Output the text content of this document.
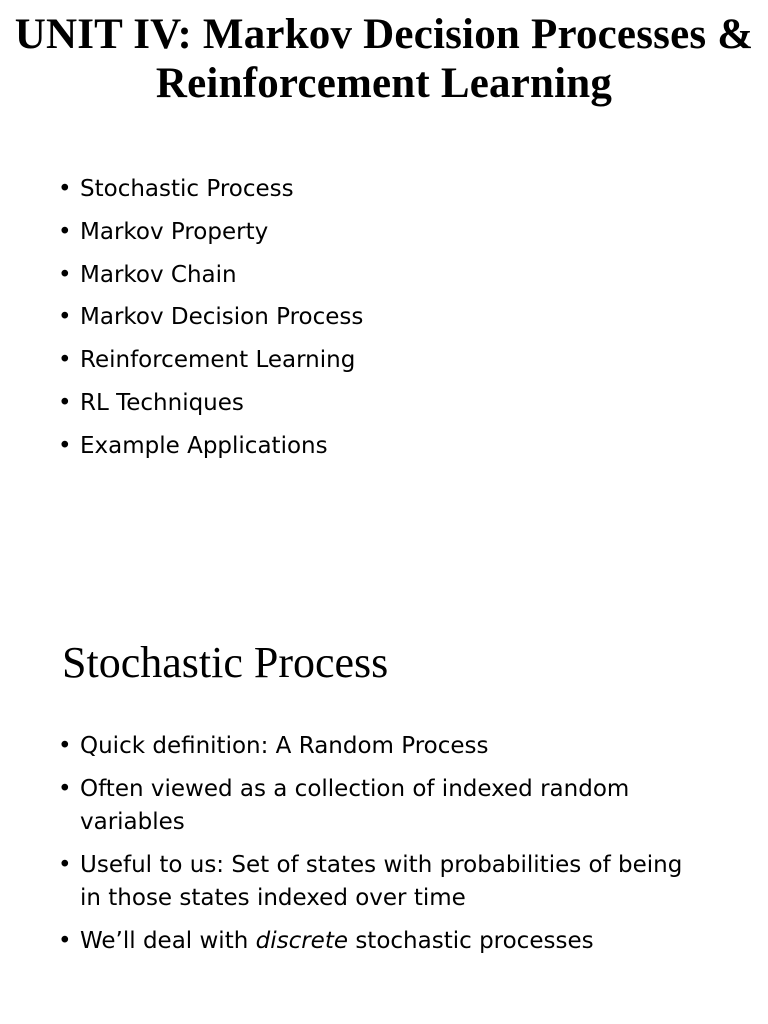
UNIT IV: Markov Decision Processes & Reinforcement Learning
• Stochastic Process
• Markov Property
• Markov Chain
• Markov Decision Process
• Reinforcement Learning
• RL Techniques
• Example Applications
Stochastic Process
• Quick definition: A Random Process
• Often viewed as a collection of indexed random variables
• Useful to us: Set of states with probabilities of being in those states indexed over time
• We’ll deal with discrete stochastic processes
